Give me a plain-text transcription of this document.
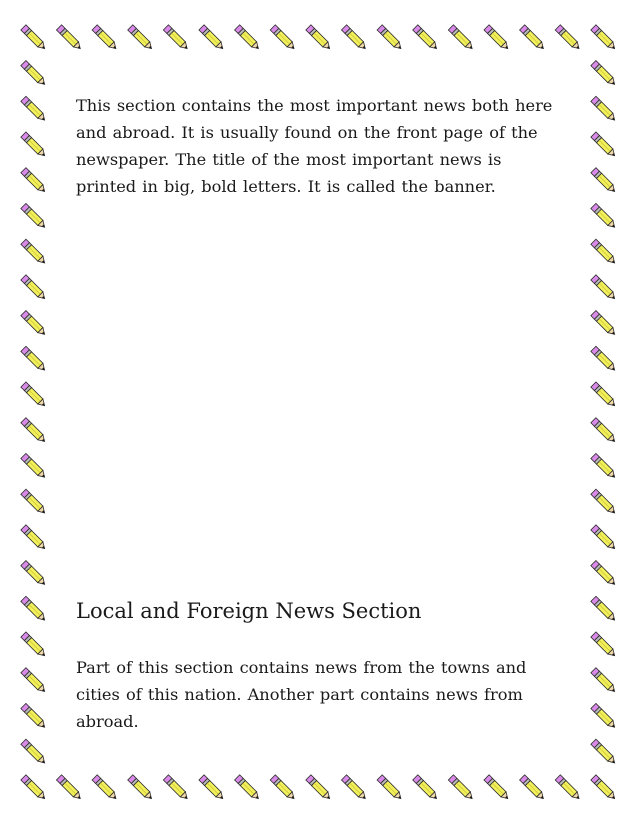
This section contains the most important news both here and abroad. It is usually found on the front page of the newspaper. The title of the most important news is printed in big, bold letters. It is called the banner.

Local and Foreign News Section

Part of this section contains news from the towns and cities of this nation. Another part contains news from abroad.
